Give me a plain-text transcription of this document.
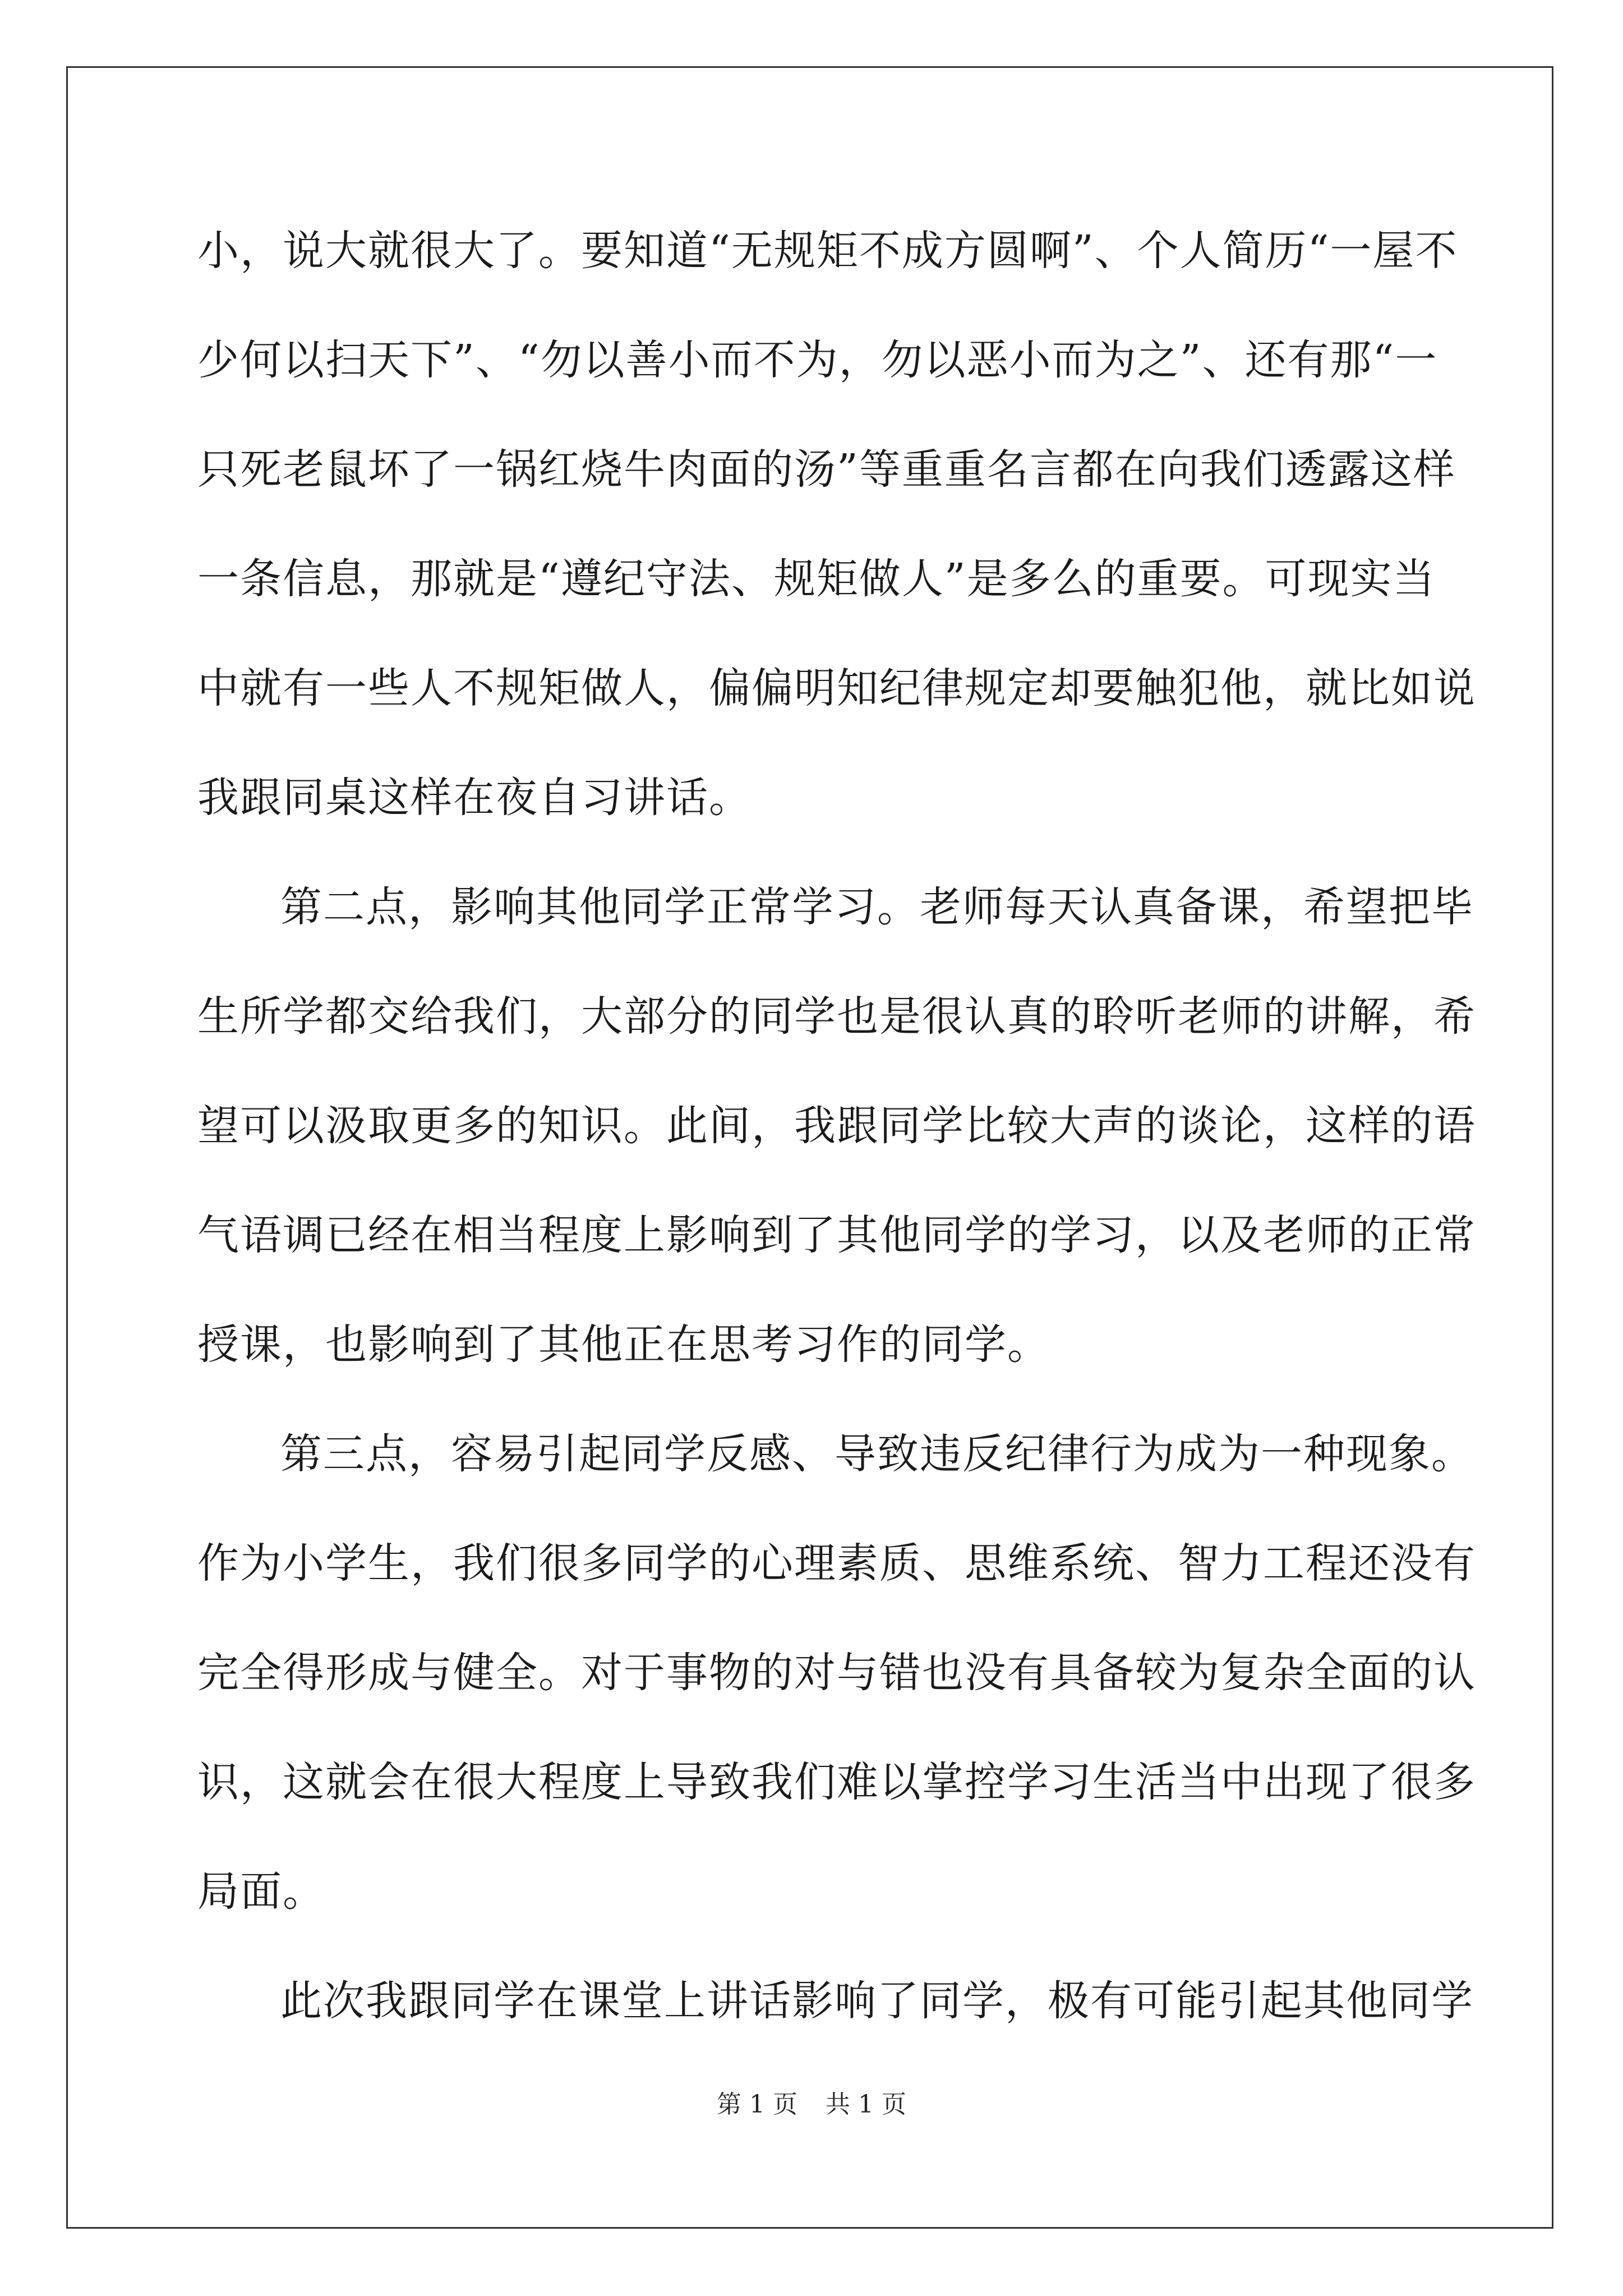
小，说大就很大了。要知道“无规矩不成方圆啊”、个人简历“一屋不
少何以扫天下”、“勿以善小而不为，勿以恶小而为之”、还有那“一
只死老鼠坏了一锅红烧牛肉面的汤”等重重名言都在向我们透露这样
一条信息，那就是“遵纪守法、规矩做人”是多么的重要。可现实当
中就有一些人不规矩做人，偏偏明知纪律规定却要触犯他，就比如说
我跟同桌这样在夜自习讲话。
第二点，影响其他同学正常学习。老师每天认真备课，希望把毕
生所学都交给我们，大部分的同学也是很认真的聆听老师的讲解，希
望可以汲取更多的知识。此间，我跟同学比较大声的谈论，这样的语
气语调已经在相当程度上影响到了其他同学的学习，以及老师的正常
授课，也影响到了其他正在思考习作的同学。
第三点，容易引起同学反感、导致违反纪律行为成为一种现象。
作为小学生，我们很多同学的心理素质、思维系统、智力工程还没有
完全得形成与健全。对于事物的对与错也没有具备较为复杂全面的认
识，这就会在很大程度上导致我们难以掌控学习生活当中出现了很多
局面。
此次我跟同学在课堂上讲话影响了同学，极有可能引起其他同学
第 1 页 共 1 页
